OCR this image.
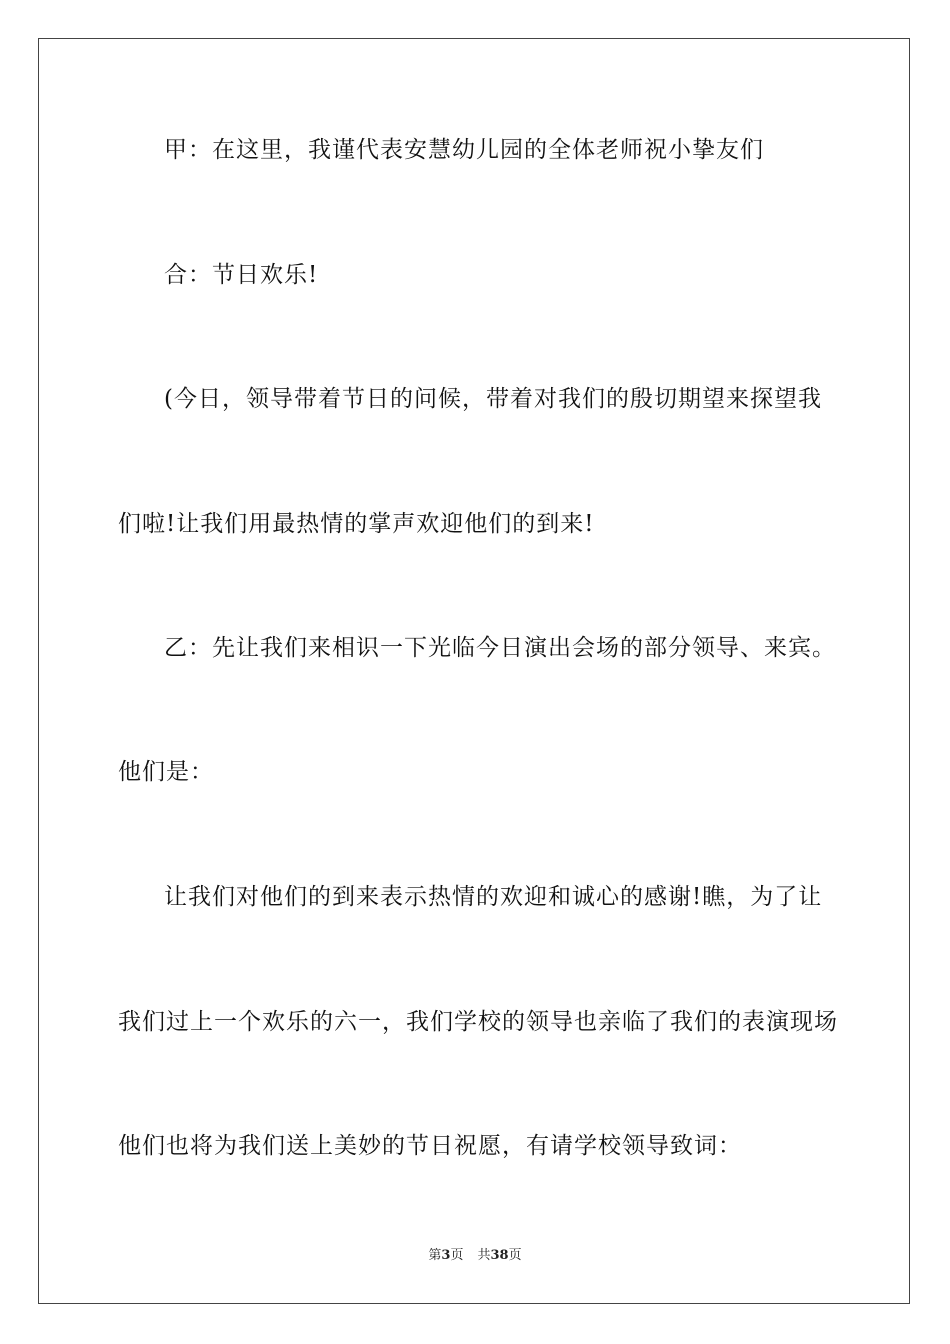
甲：在这里，我谨代表安慧幼儿园的全体老师祝小挚友们
合：节日欢乐!
(今日，领导带着节日的问候，带着对我们的殷切期望来探望我
们啦!让我们用最热情的掌声欢迎他们的到来!
乙：先让我们来相识一下光临今日演出会场的部分领导、来宾。
他们是：
让我们对他们的到来表示热情的欢迎和诚心的感谢!瞧，为了让
我们过上一个欢乐的六一，我们学校的领导也亲临了我们的表演现场
他们也将为我们送上美妙的节日祝愿，有请学校领导致词：
第3页 共38页
